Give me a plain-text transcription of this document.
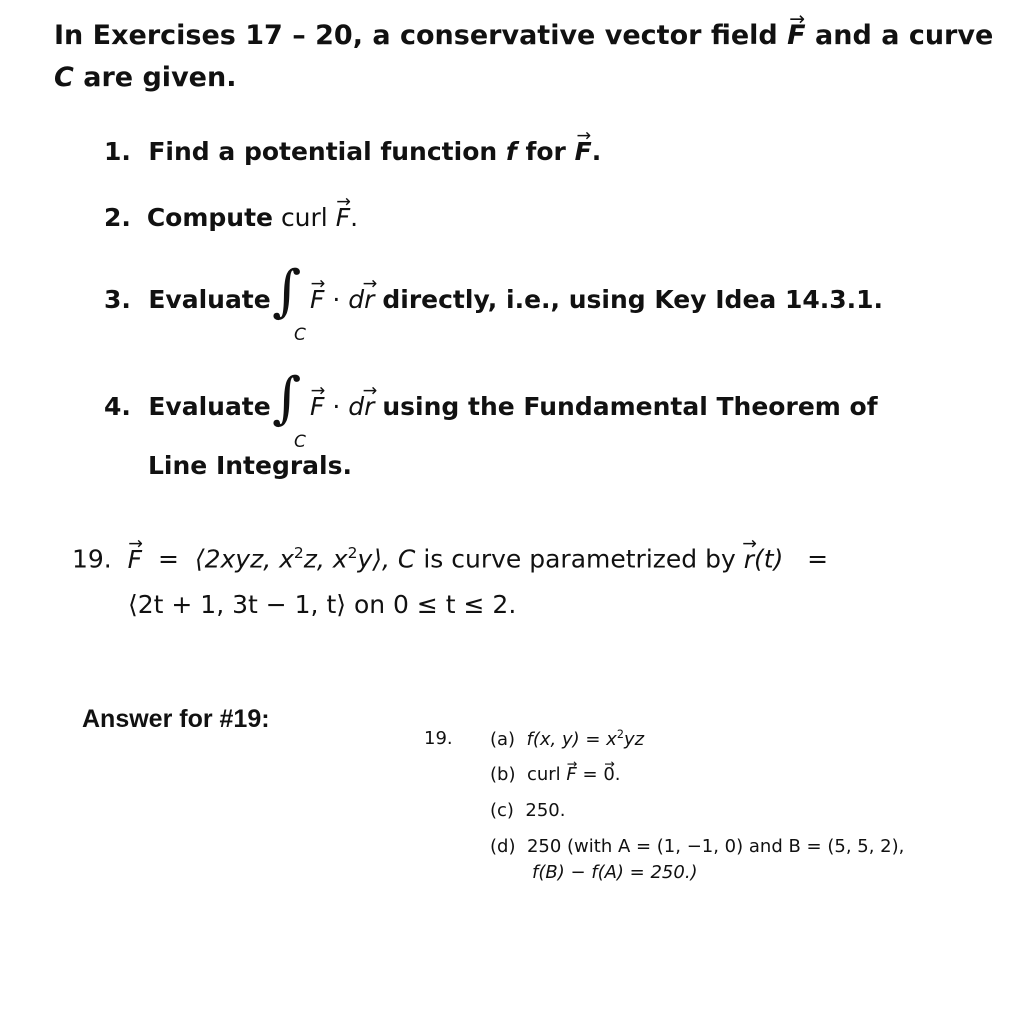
In Exercises 17 – 20, a conservative vector field → F and a curve
C are given.
1. Find a potential function f for → F.
2. Compute curl → F.
3. Evaluate ∫
C
→ F · d→ r directly, i.e., using Key Idea 14.3.1.
4. Evaluate ∫
C
→ F · d→ r using the Fundamental Theorem of
Line Integrals.
19. → F = ⟨2xyz, $x^2z$, $x^2y⟩$, C is curve parametrized by → r(t) =
⟨2t + 1, 3t − 1, t⟩ on 0 ≤ t ≤ 2.
Answer for #19:
19. (a) f(x, $y) = x^2yz$
(b) curl → F = → 0.
(c) 250.
(d) 250 (with A = (1, −1, 0) and B = (5, 5, 2),
f(B) − f(A) = 250.)
